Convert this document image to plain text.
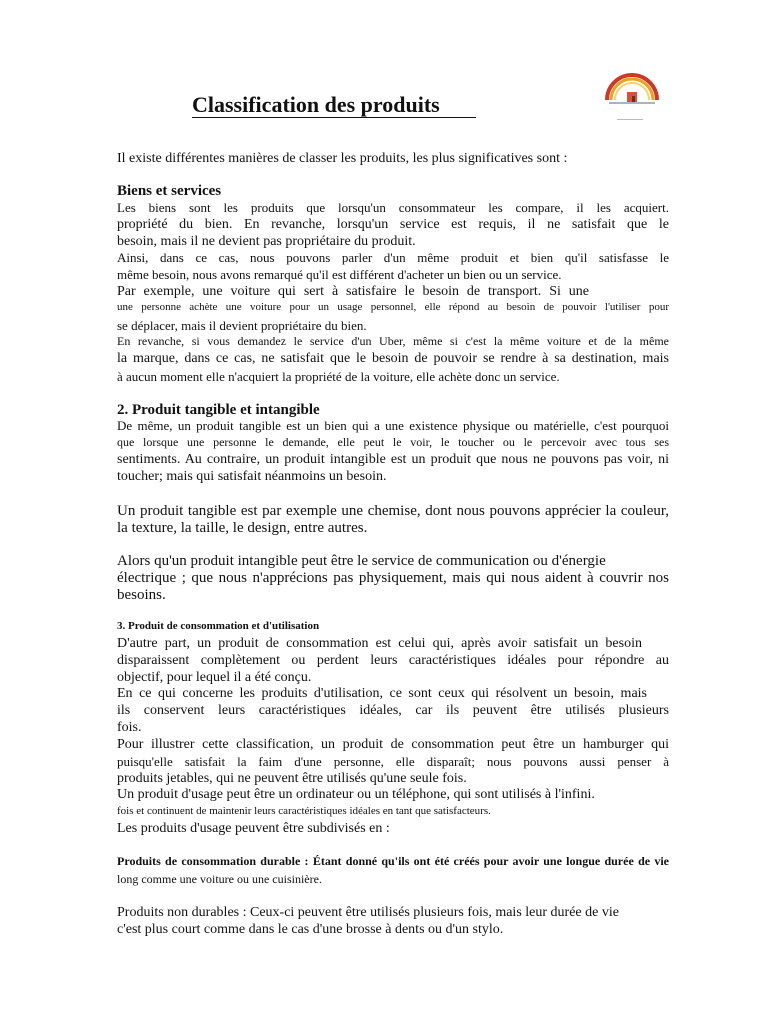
Classification des produits
Il existe différentes manières de classer les produits, les plus significatives sont :
Biens et services
Les biens sont les produits que lorsqu'un consommateur les compare, il les acquiert.
propriété du bien. En revanche, lorsqu'un service est requis, il ne satisfait que le
besoin, mais il ne devient pas propriétaire du produit.
Ainsi, dans ce cas, nous pouvons parler d'un même produit et bien qu'il satisfasse le
même besoin, nous avons remarqué qu'il est différent d'acheter un bien ou un service.
Par exemple, une voiture qui sert à satisfaire le besoin de transport. Si une
une personne achète une voiture pour un usage personnel, elle répond au besoin de pouvoir l'utiliser pour
se déplacer, mais il devient propriétaire du bien.
En revanche, si vous demandez le service d'un Uber, même si c'est la même voiture et de la même
la marque, dans ce cas, ne satisfait que le besoin de pouvoir se rendre à sa destination, mais
à aucun moment elle n'acquiert la propriété de la voiture, elle achète donc un service.
2. Produit tangible et intangible
De même, un produit tangible est un bien qui a une existence physique ou matérielle, c'est pourquoi
que lorsque une personne le demande, elle peut le voir, le toucher ou le percevoir avec tous ses
sentiments. Au contraire, un produit intangible est un produit que nous ne pouvons pas voir, ni
toucher; mais qui satisfait néanmoins un besoin.
Un produit tangible est par exemple une chemise, dont nous pouvons apprécier la couleur,
la texture, la taille, le design, entre autres.
Alors qu'un produit intangible peut être le service de communication ou d'énergie
électrique ; que nous n'apprécions pas physiquement, mais qui nous aident à couvrir nos
besoins.
3. Produit de consommation et d'utilisation
D'autre part, un produit de consommation est celui qui, après avoir satisfait un besoin
disparaissent complètement ou perdent leurs caractéristiques idéales pour répondre au
objectif, pour lequel il a été conçu.
En ce qui concerne les produits d'utilisation, ce sont ceux qui résolvent un besoin, mais
ils conservent leurs caractéristiques idéales, car ils peuvent être utilisés plusieurs
fois.
Pour illustrer cette classification, un produit de consommation peut être un hamburger qui
puisqu'elle satisfait la faim d'une personne, elle disparaît; nous pouvons aussi penser à
produits jetables, qui ne peuvent être utilisés qu'une seule fois.
Un produit d'usage peut être un ordinateur ou un téléphone, qui sont utilisés à l'infini.
fois et continuent de maintenir leurs caractéristiques idéales en tant que satisfacteurs.
Les produits d'usage peuvent être subdivisés en :
Produits de consommation durable : Étant donné qu'ils ont été créés pour avoir une longue durée de vie
long comme une voiture ou une cuisinière.
Produits non durables : Ceux-ci peuvent être utilisés plusieurs fois, mais leur durée de vie
c'est plus court comme dans le cas d'une brosse à dents ou d'un stylo.
